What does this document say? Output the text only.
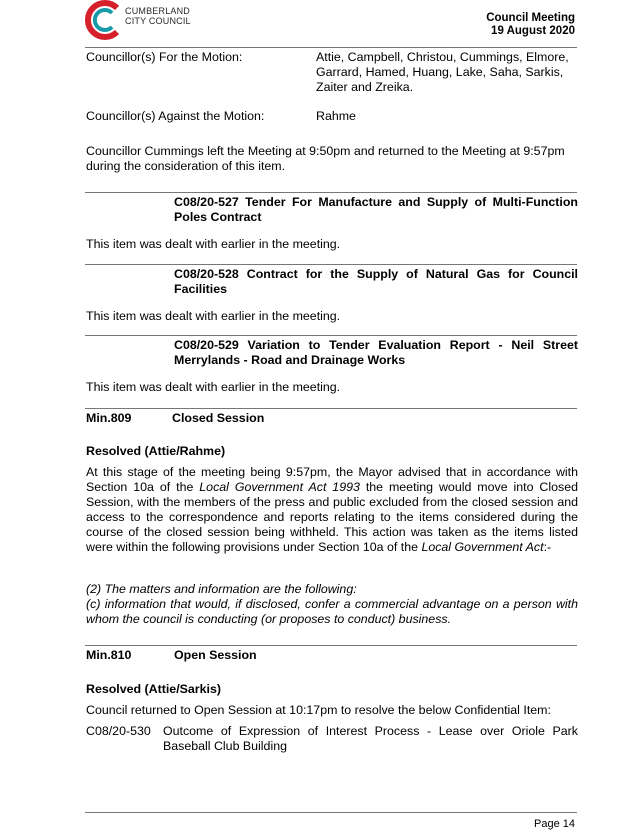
CUMBERLAND
CITY COUNCIL	Council Meeting
19 August 2020
Councillor(s) For the Motion:	Attie, Campbell, Christou, Cummings, Elmore, Garrard, Hamed, Huang, Lake, Saha, Sarkis, Zaiter and Zreika.
Councillor(s) Against the Motion:	Rahme
Councillor Cummings left the Meeting at 9:50pm and returned to the Meeting at 9:57pm during the consideration of this item.
C08/20-527 Tender For Manufacture and Supply of Multi-Function Poles Contract
This item was dealt with earlier in the meeting.
C08/20-528 Contract for the Supply of Natural Gas for Council Facilities
This item was dealt with earlier in the meeting.
C08/20-529 Variation to Tender Evaluation Report - Neil Street Merrylands - Road and Drainage Works
This item was dealt with earlier in the meeting.
Min.809	Closed Session
Resolved (Attie/Rahme)
At this stage of the meeting being 9:57pm, the Mayor advised that in accordance with Section 10a of the Local Government Act 1993 the meeting would move into Closed Session, with the members of the press and public excluded from the closed session and access to the correspondence and reports relating to the items considered during the course of the closed session being withheld. This action was taken as the items listed were within the following provisions under Section 10a of the Local Government Act:-
(2) The matters and information are the following:
(c) information that would, if disclosed, confer a commercial advantage on a person with whom the council is conducting (or proposes to conduct) business.
Min.810	Open Session
Resolved (Attie/Sarkis)
Council returned to Open Session at 10:17pm to resolve the below Confidential Item:
C08/20-530 Outcome of Expression of Interest Process - Lease over Oriole Park Baseball Club Building
Page 14
